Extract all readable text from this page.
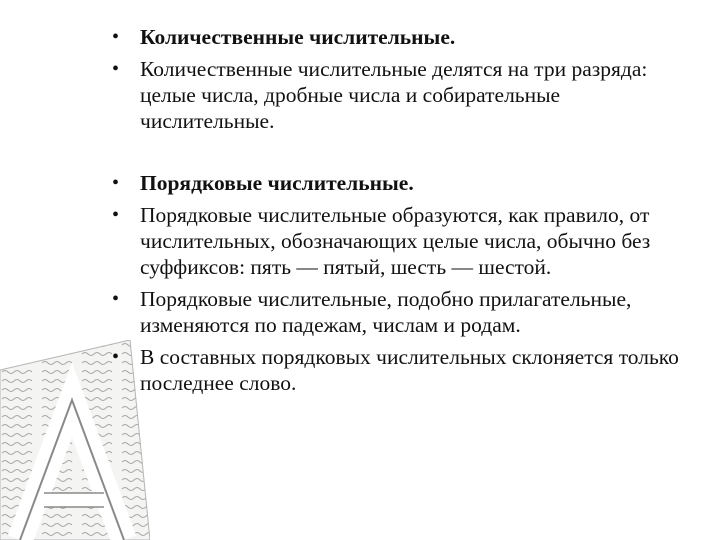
• Количественные числительные.

• Количественные числительные делятся на три разряда: целые числа, дробные числа и собирательные числительные.

• Порядковые числительные.

• Порядковые числительные образуются, как правило, от числительных, обозначающих целые числа, обычно без суффиксов: пять — пятый, шесть — шестой.

• Порядковые числительные, подобно прилагательные, изменяются по падежам, числам и родам.

• В составных порядковых числительных склоняется только последнее слово.
